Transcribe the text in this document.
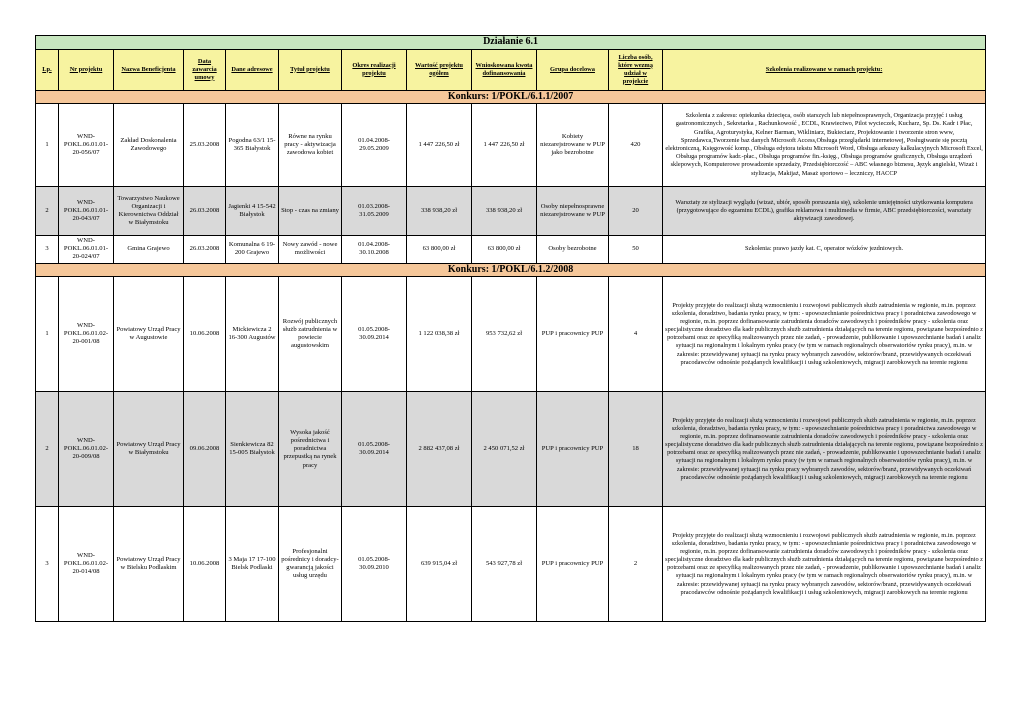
Działanie 6.1											
Lp.	Nr projektu	Nazwa Beneficjenta	Data zawarcia umowy	Dane adresowe	Tytuł projektu	Okres realizacji projektu	Wartość projektu ogółem	Wnioskowana kwota dofinansowania	Grupa docelowa	Liczba osób, które wezmą udział w projekcie	Szkolenia realizowane w ramach projektu:
Konkurs: 1/POKL/6.1.1/2007											
1	WND-POKL.06.01.01-20-056/07	Zakład Doskonalenia Zawodowego	25.03.2008	Pogodna 63/1 15-365 Białystok	Równe na rynku pracy - aktywizacja zawodowa kobiet	01.04.2008-29.05.2009	1 447 226,50 zł	1 447 226,50 zł	Kobiety niezarejstrowane w PUP jako bezrobotne	420	Szkolenia z zakresu: opiekunka dziecięca, osób starszych lub niepełnosprawnych, Organizacja przyjęć i usług gastronomicznych , Sekretarka , Rachunkowość , ECDL, Krawiectwo, Pilot wycieczek, Kucharz, Sp. Ds. Kadr i Płac, Grafika, Agroturystyka, Kelner Barman, Wikliniarz, Bukieciarz, Projektowanie i tworzenie stron www, Sprzedawca,Tworzenie baz danych Microsoft Access,Obsługa przeglądarki internetowej, Posługiwanie się pocztą elektroniczną, Księgowość komp., Obsługa edytora tekstu Microsoft Word, Obsługa arkuszy kalkulacyjnych Microsoft Excel, Obsługa programów kadr.-płac., Obsługa programów fin.-księg., Obsługa programów graficznych, Obsługa urządzeń sklepowych, Komputerowe prowadzenie sprzedaży, Przedsiębiorczość – ABC własnego biznesu, Język angielski, Wizaż i stylizacja, Makijaż, Masaż sportowo – leczniczy, HACCP
2	WND-POKL.06.01.01-20-043/07	Towarzystwo Naukowe Organizacji i Kierownictwa Oddział w Białymstoku	26.03.2008	Jagienki 4 15-542 Białystok	Stop - czas na zmiany	01.03.2008-31.05.2009	338 938,20 zł	338 938,20 zł	Osoby niepełnosprawne niezarejstrowane w PUP	20	Warsztaty ze stylizacji wyglądu (wizaż, ubiór, sposób poruszania się), szkolenie umiejętności użytkowania komputera (przygotowujące do egzaminu ECDL), grafika reklamowa i multimedia w firmie, ABC przedsiębiorczości, warsztaty aktywizacji zawodowej.
3	WND-POKL.06.01.01-20-024/07	Gmina Grajewo	26.03.2008	Komunalna 6 19-200 Grajewo	Nowy zawód - nowe możliwości	01.04.2008-30.10.2008	63 800,00 zł	63 800,00 zł	Osoby bezrobotne	50	Szkolenia: prawo jazdy kat. C, operator wózków jezdniowych.
Konkurs: 1/POKL/6.1.2/2008											
1	WND-POKL.06.01.02-20-001/08	Powiatowy Urząd Pracy w Augustowie	10.06.2008	Mickiewicza 2 16-300 Augustów	Rozwój publicznych służb zatrudnienia w powiecie augustowskim	01.05.2008-30.09.2014	1 122 038,38 zł	953 732,62 zł	PUP i pracownicy PUP	4	Projekty przyjęte do realizacji służą wzmocnieniu i rozwojowi publicznych służb zatrudnienia w regionie, m.in. poprzez szkolenia, doradztwo, badania rynku pracy, w tym: - upowszechnianie pośrednictwa pracy i poradnictwa zawodowego w regionie, m.in. poprzez dofinansowanie zatrudnienia doradców zawodowych i pośredników pracy - szkolenia oraz specjalistyczne doradztwo dla kadr publicznych służb zatrudnienia działających na terenie regionu, powiązane bezpośrednio z potrzebami oraz ze specyfiką realizowanych przez nie zadań, - prowadzenie, publikowanie i upowszechnianie badań i analiz sytuacji na regionalnym i lokalnym rynku pracy (w tym w ramach regionalnych obserwatoriów rynku pracy), m.in. w zakresie: przewidywanej sytuacji na rynku pracy wybranych zawodów, sektorów/branż, przewidywanych oczekiwań pracodawców odnośnie pożądanych kwalifikacji i usług szkoleniowych, migracji zarobkowych na terenie regionu
2	WND-POKL.06.01.02-20-009/08	Powiatowy Urząd Pracy w Białymstoku	09.06.2008	Sienkiewicza 82 15-005 Białystok	Wysoka jakość pośrednictwa i poradnictwa przepustką na rynek pracy	01.05.2008-30.09.2014	2 882 437,08 zł	2 450 071,52 zł	PUP i pracownicy PUP	18	Projekty przyjęte do realizacji służą wzmocnieniu i rozwojowi publicznych służb zatrudnienia w regionie, m.in. poprzez szkolenia, doradztwo, badania rynku pracy, w tym: - upowszechnianie pośrednictwa pracy i poradnictwa zawodowego w regionie, m.in. poprzez dofinansowanie zatrudnienia doradców zawodowych i pośredników pracy - szkolenia oraz specjalistyczne doradztwo dla kadr publicznych służb zatrudnienia działających na terenie regionu, powiązane bezpośrednio z potrzebami oraz ze specyfiką realizowanych przez nie zadań, - prowadzenie, publikowanie i upowszechnianie badań i analiz sytuacji na regionalnym i lokalnym rynku pracy (w tym w ramach regionalnych obserwatoriów rynku pracy), m.in. w zakresie: przewidywanej sytuacji na rynku pracy wybranych zawodów, sektorów/branż, przewidywanych oczekiwań pracodawców odnośnie pożądanych kwalifikacji i usług szkoleniowych, migracji zarobkowych na terenie regionu
3	WND-POKL.06.01.02-20-014/08	Powiatowy Urząd Pracy w Bielsku Podlaskim	10.06.2008	3 Maja 17 17-100 Bielsk Podlaski	Profesjonalni pośrednicy i doradcy-gwarancją jakości usług urzędu	01.05.2008-30.09.2010	639 915,04 zł	543 927,78 zł	PUP i pracownicy PUP	2	Projekty przyjęte do realizacji służą wzmocnieniu i rozwojowi publicznych służb zatrudnienia w regionie, m.in. poprzez szkolenia, doradztwo, badania rynku pracy, w tym: - upowszechnianie pośrednictwa pracy i poradnictwa zawodowego w regionie, m.in. poprzez dofinansowanie zatrudnienia doradców zawodowych i pośredników pracy - szkolenia oraz specjalistyczne doradztwo dla kadr publicznych służb zatrudnienia działających na terenie regionu, powiązane bezpośrednio z potrzebami oraz ze specyfiką realizowanych przez nie zadań, - prowadzenie, publikowanie i upowszechnianie badań i analiz sytuacji na regionalnym i lokalnym rynku pracy (w tym w ramach regionalnych obserwatoriów rynku pracy), m.in. w zakresie: przewidywanej sytuacji na rynku pracy wybranych zawodów, sektorów/branż, przewidywanych oczekiwań pracodawców odnośnie pożądanych kwalifikacji i usług szkoleniowych, migracji zarobkowych na terenie regionu
